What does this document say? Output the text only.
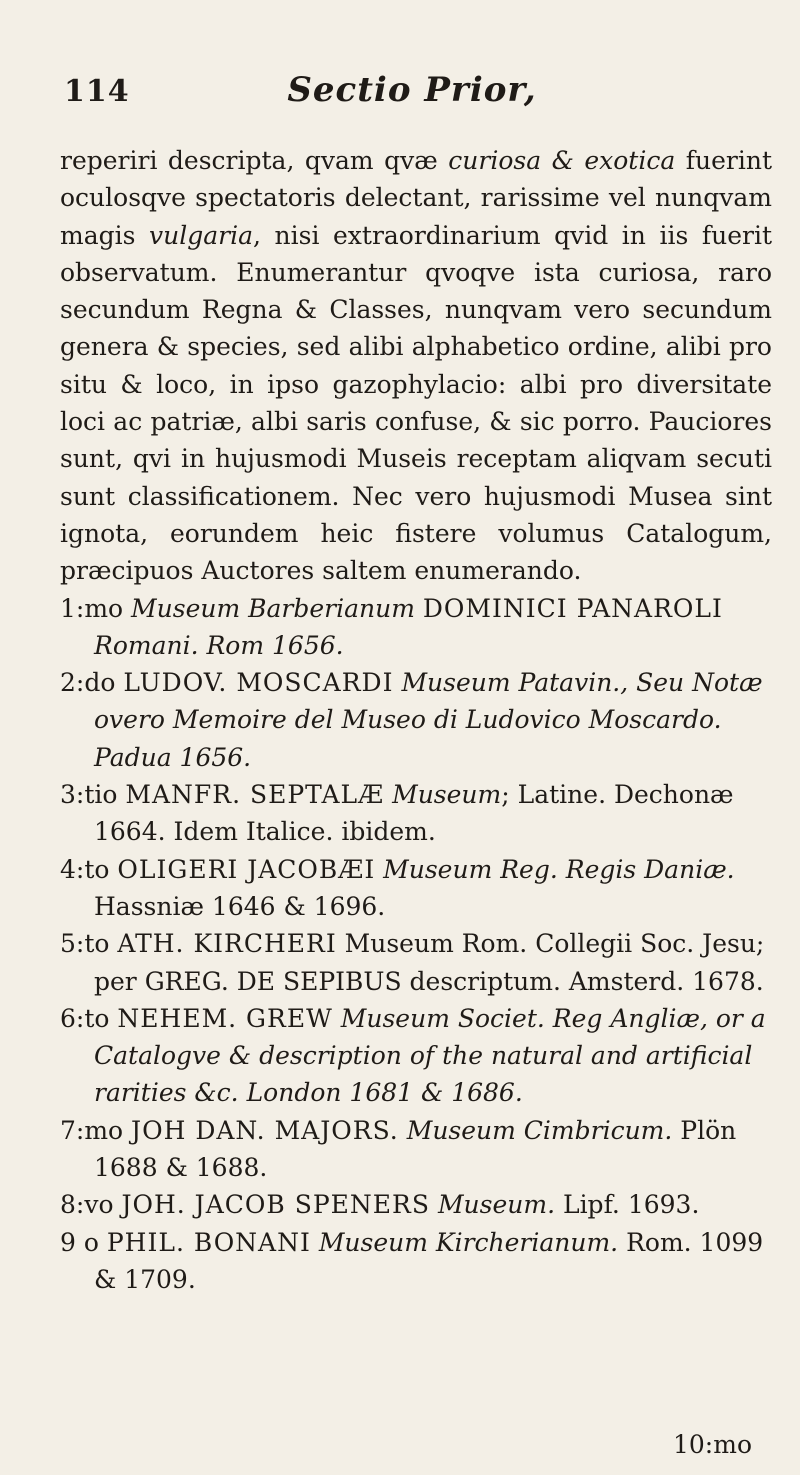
114	Sectio Prior,

reperiri descripta, qvam qvæ curiosa & exotica fuerint oculosqve spectatoris delectant, rarissime vel nunqvam magis vulgaria, nisi extraordinarium qvid in iis fuerit observatum. Enumerantur qvoqve ista curiosa, raro secundum Regna & Classes, nunqvam vero secundum genera & species, sed alibi alphabetico ordine, alibi pro situ & loco, in ipso gazophylacio: albi pro diversitate loci ac patriæ, albi saris confuse, & sic porro. Pauciores sunt, qvi in hujusmodi Museis receptam aliqvam secuti sunt classificationem. Nec vero hujusmodi Musea sint ignota, eorundem heic fistere volumus Catalogum, præcipuos Auctores saltem enumerando.

1:mo Museum Barberianum DOMINICI PANAROLI Romani. Rom 1656.

2:do LUDOV. MOSCARDI Museum Patavin., Seu Notæ overo Memoire del Museo di Ludovico Moscardo. Padua 1656.

3:tio MANFR. SEPTALÆ Museum; Latine. Dechonæ 1664. Idem Italice. ibidem.

4:to OLIGERI JACOBÆI Museum Reg. Regis Daniæ. Hassniæ 1646 & 1696.

5:to ATH. KIRCHERI Museum Rom. Collegii Soc. Jesu; per GREG. DE SEPIBUS descriptum. Amsterd. 1678.

6:to NEHEM. GREW Museum Societ. Reg Angliæ, or a Catalogve & description of the natural and artificial rarities &c. London 1681 & 1686.

7:mo JOH DAN. MAJORS. Museum Cimbricum. Plön 1688 & 1688.

8:vo JOH. JACOB SPENERS Museum. Lipf. 1693.

9 o PHIL. BONANI Museum Kircherianum. Rom. 1099 & 1709.

10:mo
